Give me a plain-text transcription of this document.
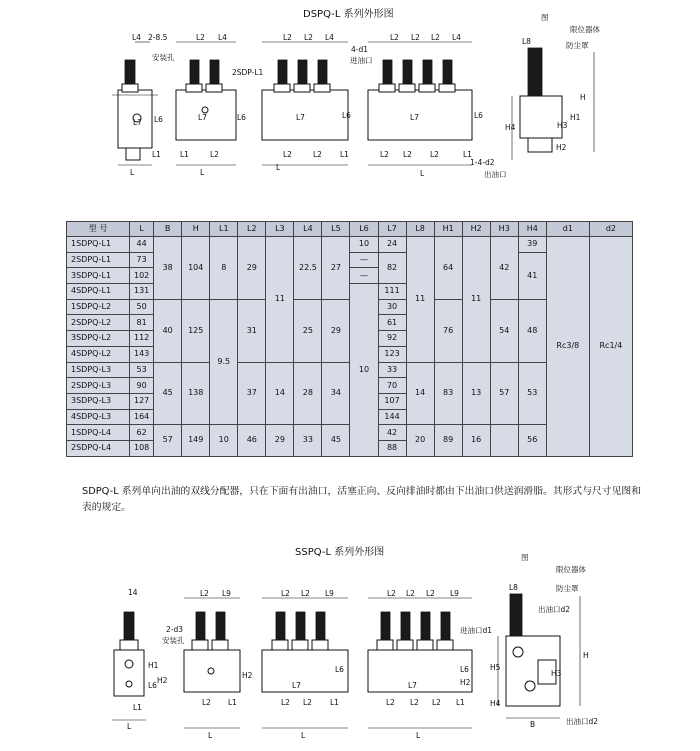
DSPQ-L 系列外形图
L4 2-8.5
安装孔
L7 L6
L1
L
L2 L4
2SDP-L1
L7	L6
L1	L2
L
L2 L2 L4
4-d1
进油口
L7	L6
L2	L2 L1
L
L2 L2 L2 L4
L7	L6
L2 L2 L2	L1
1-4-d2
出油口
L
图
限位器体
防尘罩
L8
H
H1
H3
H4
H2
型 号	L	B	H	L1	L2	L3	L4	L5	L6	L7	L8	H1	H2	H3	H4	d1	d2
1SDPQ-L1	44	38	104	8	29	11	22.5	27	10	24	11	64	11	42	39	Rc3/8	Rc1/4
2SDPQ-L1	73								—	82					41		
3SDPQ-L1	102								—								
4SDPQ-L1	131								10	111							
1SDPQ-L2	50	40	125	9.5	31		25	29		30		76		54	48		
2SDPQ-L2	81									61							
3SDPQ-L2	112									92							
4SDPQ-L2	143									123							
1SDPQ-L3	53	45	138		37	14	28	34		33	14	83	13	57	53		
2SDPQ-L3	90									70							
3SDPQ-L3	127									107							
4SDPQ-L3	164									144							
1SDPQ-L4	62	57	149	10	46	29	33	45		42	20	89	16		56		
2SDPQ-L4	108									88							
SDPQ-L 系列单向出油的双线分配器，只在下面有出油口，活塞正向、反向排油时都由下出油口供送润滑脂。其形式与尺寸见图和表的规定。
SSPQ-L 系列外形图
14
2-d3
安装孔
H1
L6
H2
L1
L
L2 L9
H2
L2 L1
L
L2 L2 L9
L7
L6
L2 L2 L1
L
L2 L2 L2 L9
L7
L6
H2
L2 L2 L2 L1
L
图
限位器体
防尘罩
出油口d2
进油口d1
出油口d2
L8
H
H3
H5
H4
B
